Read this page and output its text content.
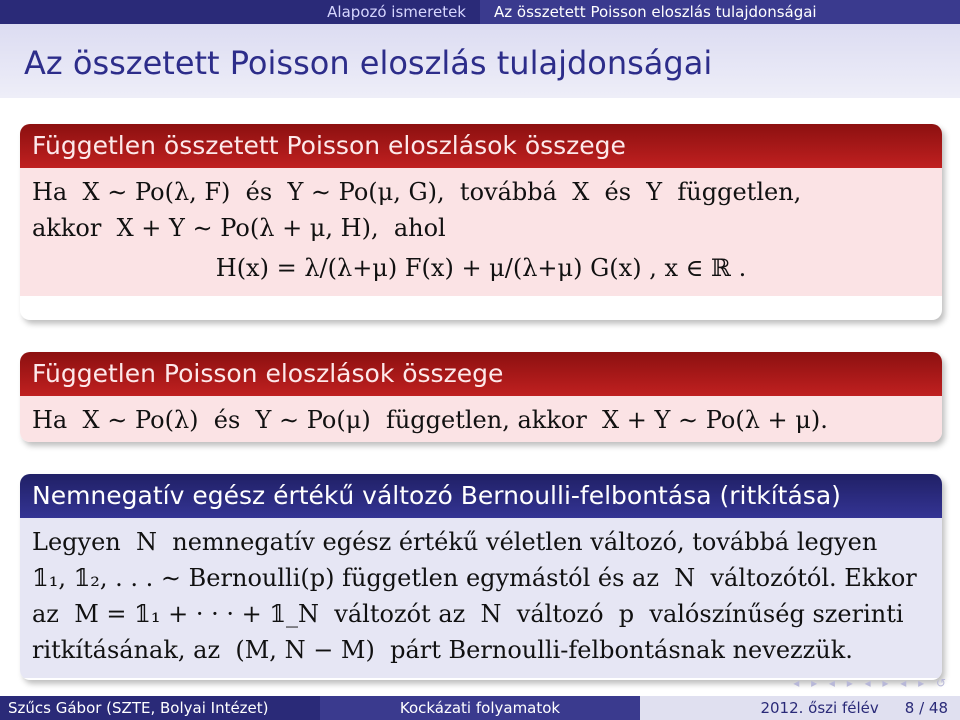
Alapozó ismeretek	Az összetett Poisson eloszlás tulajdonságai
Az összetett Poisson eloszlás tulajdonságai
Független összetett Poisson eloszlások összege
Ha  X ∼ Po(λ, F)  és  Y ∼ Po(μ, G),  továbbá  X  és  Y  független,
akkor  X + Y ∼ Po(λ + μ, H),  ahol
H(x) = λ/(λ+μ) F(x) + μ/(λ+μ) G(x) , x ∈ ℝ .
Független Poisson eloszlások összege
Ha  X ∼ Po(λ)  és  Y ∼ Po(μ)  független, akkor  X + Y ∼ Po(λ + μ).
Nemnegatív egész értékű változó Bernoulli-felbontása (ritkítása)
Legyen  N  nemnegatív egész értékű véletlen változó, továbbá legyen
𝟙₁, 𝟙₂, . . . ∼ Bernoulli(p) független egymástól és az  N  változótól. Ekkor
az  M = 𝟙₁ + · · · + 𝟙_N  változót az  N  változó  p  valószínűség szerinti
ritkításának, az  (M, N − M)  párt Bernoulli-felbontásnak nevezzük.
◂ ▸ ◂ ▸ ◂ ▸ ◂ ▸ ↺
Szűcs Gábor (SZTE, Bolyai Intézet)	Kockázati folyamatok	2012. őszi félév 8 / 48
